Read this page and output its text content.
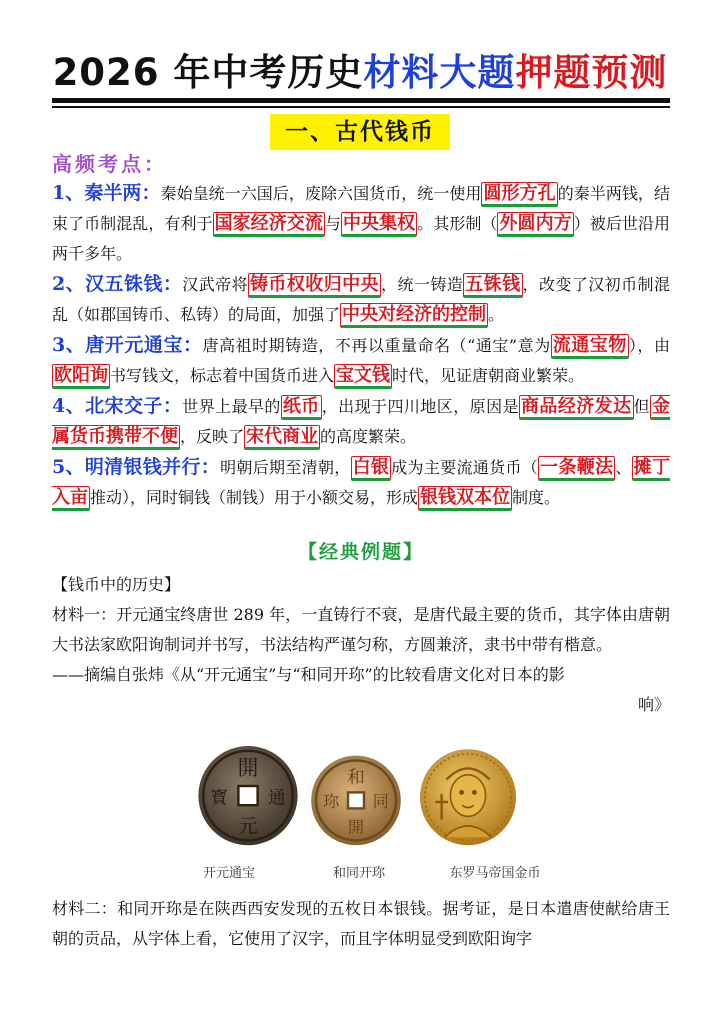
2026 年中考历史材料大题押题预测
一、古代钱币
高频考点：

1、秦半两：秦始皇统一六国后，废除六国货币，统一使用 圆形方孔 的秦半两钱，结束了币制混乱，有利于 国家经济交流 与 中央集权 。其形制（ 外圆内方 ）被后世沿用两千多年。

2、汉五铢钱：汉武帝将 铸币权收归中央 ，统一铸造 五铢钱 ，改变了汉初币制混乱（如郡国铸币、私铸）的局面，加强了 中央对经济的控制 。

3、唐开元通宝：唐高祖时期铸造，不再以重量命名（“通宝”意为 流通宝物 ），由欧阳询 书写钱文，标志着中国货币进入 宝文钱 时代，见证唐朝商业繁荣。

4、北宋交子：世界上最早的 纸币 ，出现于四川地区，原因是 商品经济发达 但 金属货币携带不便 ，反映了 宋代商业 的高度繁荣。

5、明清银钱并行：明朝后期至清朝， 白银 成为主要流通货币（ 一条鞭法 、 摊丁入亩 推动），同时铜钱（制钱）用于小额交易，形成 银钱双本位 制度。

【经典例题】

【钱币中的历史】

材料一：开元通宝终唐世 289 年，一直铸行不衰，是唐代最主要的货币，其字体由唐朝大书法家欧阳询制词并书写，书法结构严谨匀称，方圆兼济，隶书中带有楷意。

——摘编自张炜《从“开元通宝”与“和同开珎”的比较看唐文化对日本的影

响》

開
元
通
寳
和
同
開
珎
开元通宝	和同开珎	东罗马帝国金币

材料二：和同开珎是在陕西西安发现的五枚日本银钱。据考证，是日本遣唐使献给唐王朝的贡品，从字体上看，它使用了汉字，而且字体明显受到欧阳询字
